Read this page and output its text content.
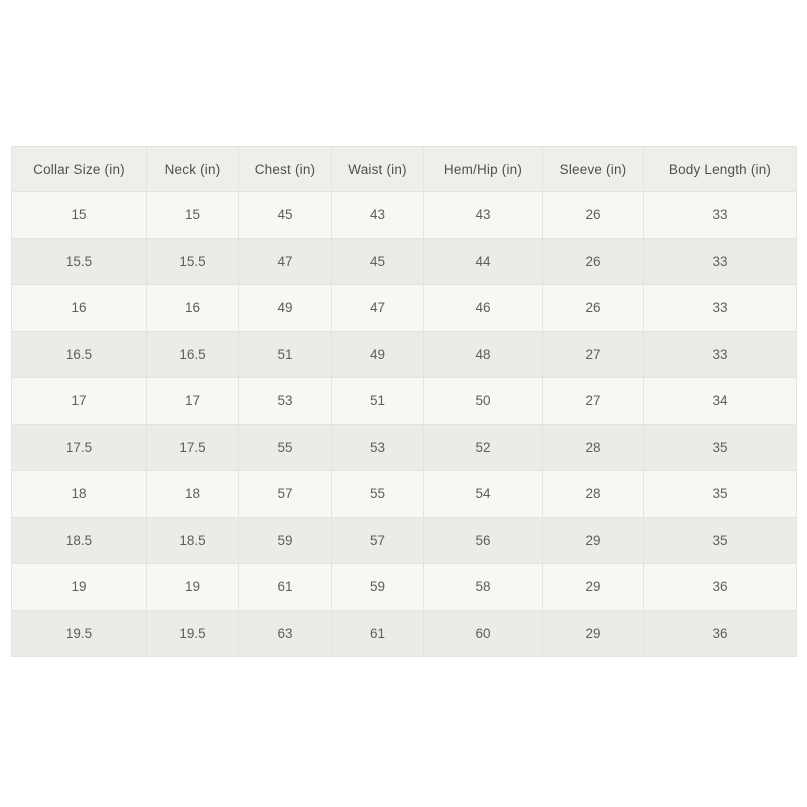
Collar Size (in)	Neck (in)	Chest (in)	Waist (in)	Hem/Hip (in)	Sleeve (in)	Body Length (in)
15	15	45	43	43	26	33
15.5	15.5	47	45	44	26	33
16	16	49	47	46	26	33
16.5	16.5	51	49	48	27	33
17	17	53	51	50	27	34
17.5	17.5	55	53	52	28	35
18	18	57	55	54	28	35
18.5	18.5	59	57	56	29	35
19	19	61	59	58	29	36
19.5	19.5	63	61	60	29	36
